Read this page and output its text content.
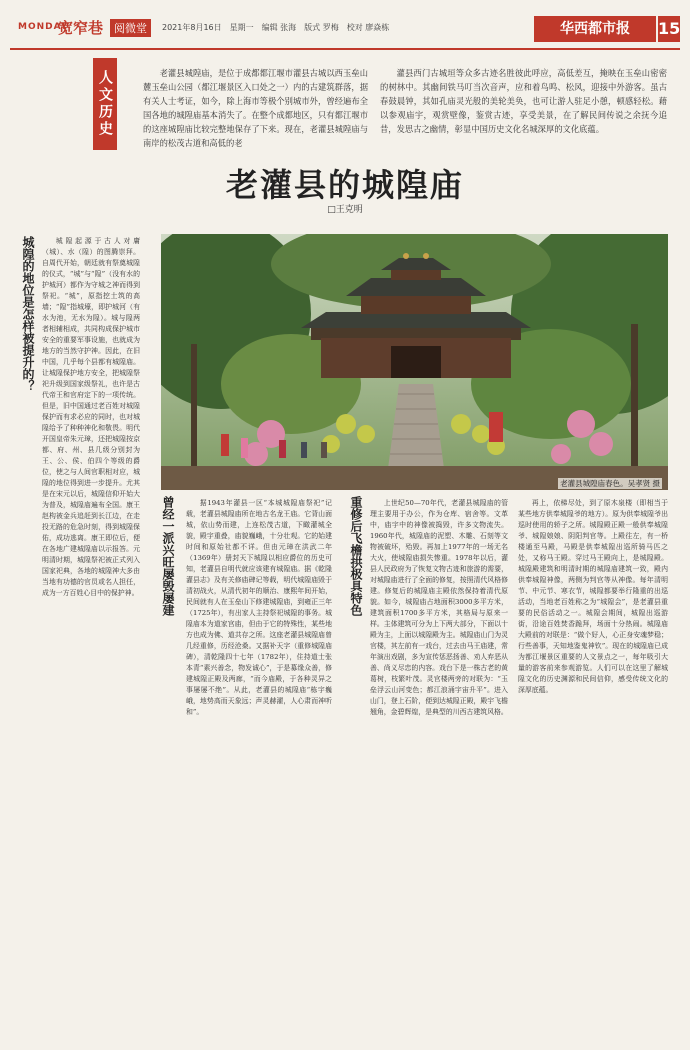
MONDAY
宽窄巷 阅微堂	2021年8月16日　星期一　编辑 张海　版式 罗梅　校对 廖焱栋	华西都市报	15
人文历史	老灌县城隍庙，是位于成都都江堰市灌县古城以西玉垒山麓玉垒山公园（都江堰景区入口处之一）内的古建筑群落，据有关人士考证，如今，除上海市等极个别城市外，曾经遍布全国各地的城隍庙基本消失了。在整个成都地区，只有都江堰市的这座城隍庙比较完整地保存了下来。现在，老灌县城隍庙与南岸的松茂古道和高低的老
灌县西门古城垣等众多古迹名胜彼此呼应，高低差互，掩映在玉垒山密密的树林中。其幽间铁马叮当次音声，应和着鸟鸣、松风，迎接中外游客。虽古春鼓晨钟，其如孔庙灵光般的美轮美奂，也可让游人驻足小憩，顿感轻松。藉以参观庙宇，观赏壁像，鉴赏古迹，享受美景，在了解民间传说之余抚今追昔，发思古之幽情，彰显中国历史文化名城深厚的文化底蕴。
老灌县的城隍庙
□王克明
城隍的地位是怎样被提升的？	城隍起源于古人对庸（城）、水（隍）的图腾崇拜。自周代开始，朝廷就有祭奠城隍的仪式，“城”与“隍”（没有水的护城河）都作为守城之神而得到祭祀。“城”，原指挖土筑的高墙；“隍”指城壕，即护城河（有水为池，无水为隍）。城与隍两者相辅相成，共同构成保护城市安全的重要军事设施，也就成为地方的当然守护神。因此，在旧中国，几乎每个县都有城隍庙。让城隍保护地方安全，把城隍祭祀升级到国家级祭礼，也许是古代帝王和官府定下的一项传统。但是，旧中国通过老百姓对城隍保护而有求必应的同时，也对城隍给予了种种神化和敬畏。明代开国皇帝朱元璋，还把城隍按京都、府、州、县几级分别封为王、公、侯、伯四个等级的爵位，使之与人间官职相对应，城隍的地位得到进一步提升。尤其是在宋元以后，城隍信仰开始大为普及，城隍庙遍布全国。康王赵构被金兵追赶到长江边，在走投无路的危急时刻，得到城隍保佑，成功逃离。康王即位后，便在各地广建城隍庙以示报答。元明清时期，城隍祭祀被正式列入国家祀典，各地的城隍神大多由当地有功德的官员或名人担任，成为一方百姓心目中的保护神。
老灌县城隍庙春色。吴孝贤 摄
曾经一派兴旺屡毁屡建	据1943年灌县一区“本城城隍庙祭祀”记载，老灌县城隍庙所在地古名龙王庙。它背山面城，依山势而建，上连松茂古道，下瞰灌城全貌，殿宇重叠，庙貌巍峨，十分壮观。它的始建时间和原始社都不详。但由元璋在洪武二年（1369年）册封天下城隍以相应爵位的历史可知，老灌县自明代就应该建有城隍庙。据《乾隆灌县志》及有关修庙碑记等载，明代城隍庙毁于清初战火，从清代初年的顺治、康熙年间开始，民间就有人在玉垒山下修建城隍庙，到雍正三年（1725年），有出家人主持祭祀城隍的事务。城隍庙本为道家宫庙，但由于它的特殊性，某些地方也成为佛、道共存之所。这座老灌县城隍庙曾几经重修，历经沧桑。又据补天字（重修城隍庙碑），清乾隆四十七年（1782年），住持道士张本青“素兴善念，物发诚心”，于是募缘众善，修建城隍正殿及两廊，“而今庙殿，于各种灵异之事屡屡不绝”。从此，老灌县的城隍庙“栋宇巍峨，地势高而天象远；声灵赫濯，人心肃而神听和”。
重修后飞檐拱极具特色	上世纪50—70年代，老灌县城隍庙的管理主要用于办公，作为仓库、宿舍等。文革中，庙宇中的神像被捣毁，许多文物流失。1960年代，城隍庙的泥塑、木雕、石刻等文物被破坏，殆毁。再加上1977年的一场无名大火，使城隍庙损失惨重。1978年以后，灌县人民政府为了恢复文物古迹和旅游的需要，对城隍庙进行了全面的修复，按照清代风格修建。修复后的城隍庙主殿依然保持着清代原貌。如今，城隍庙占地面积3000多平方米，建筑面积1700多平方米，其格局与原来一样。主体建筑可分为上下两大部分，下面以十殿为主，上面以城隍殿为主。城隍庙山门为灵官楼，其左前有一戏台，过去由马王庙建，常年演出戏剧，多为宣传惩恶扬善、劝人弃恶从善、尚义尽忠的内容。戏台下是一株古老的黄葛树，枝繁叶茂。灵官楼两旁的对联为：“玉垒浮云山河变色；都江浪涌宇宙升平”。进入山门，登上石阶，便到达城隍正殿，殿宇飞檐翘角，金碧辉煌，是典型的川西古建筑风格。
再上，依梯尽处，到了原木泉楼（即相当于某些地方供奉城隍爷的地方）。原为供奉城隍爷出巡时使用的轿子之所。城隍殿正殿一般供奉城隍爷、城隍娘娘、阴阳判官等。上殿往左，有一桥楼通至马殿，马殿是供奉城隍出巡所骑马匹之处，又称马王殿。穿过马王殿向上，是城隍殿。城隍殿建筑和明清时期的城隍庙建筑一致，殿内供奉城隍神像，两侧为判官等从神像。每年清明节、中元节、寒衣节，城隍都要举行隆重的出巡活动，当地老百姓称之为“城隍会”，是老灌县重要的民俗活动之一。城隍会期间，城隍出巡游街，沿途百姓焚香跪拜，场面十分热闹。城隍庙大殿前的对联是：“做个好人，心正身安魂梦稳；行些善事，天知地鉴鬼神钦”。现在的城隍庙已成为都江堰景区重要的人文景点之一，每年吸引大量的游客前来参观游览。人们可以在这里了解城隍文化的历史渊源和民间信仰，感受传统文化的深厚底蕴。
